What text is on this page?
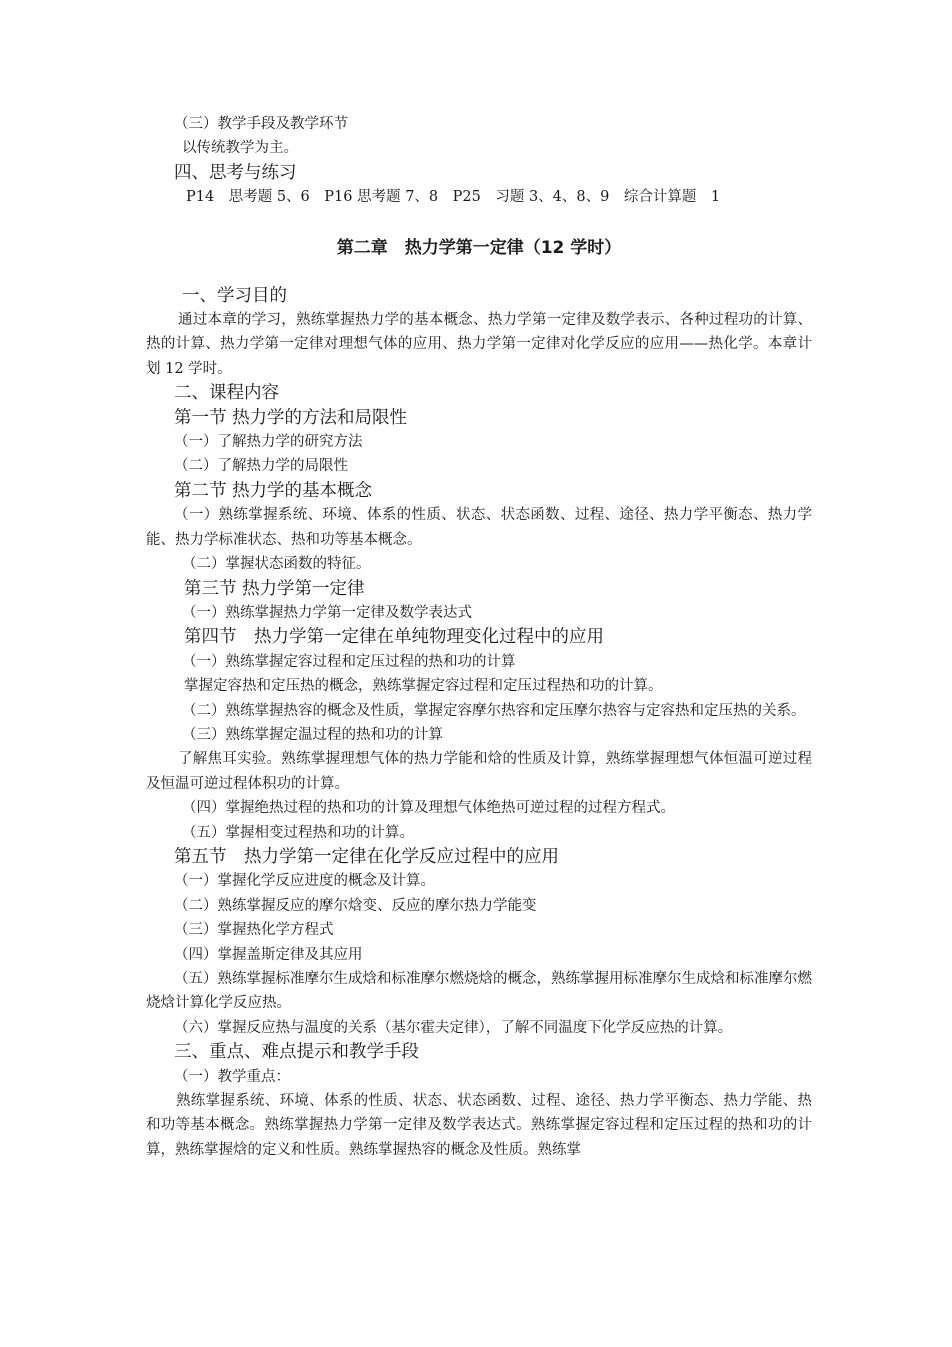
（三）教学手段及教学环节
以传统教学为主。
四、思考与练习
P14　思考题 5、6　P16 思考题 7、8　P25　习题 3、4、8、9　综合计算题　1
第二章　热力学第一定律（12 学时）
一、学习目的
通过本章的学习，熟练掌握热力学的基本概念、热力学第一定律及数学表示、各种过程功的计算、热的计算、热力学第一定律对理想气体的应用、热力学第一定律对化学反应的应用——热化学。本章计划 12 学时。
二、课程内容
第一节 热力学的方法和局限性
（一）了解热力学的研究方法
（二）了解热力学的局限性
第二节 热力学的基本概念
（一）熟练掌握系统、环境、体系的性质、状态、状态函数、过程、途径、热力学平衡态、热力学能、热力学标准状态、热和功等基本概念。
（二）掌握状态函数的特征。
第三节 热力学第一定律
（一）熟练掌握热力学第一定律及数学表达式
第四节　热力学第一定律在单纯物理变化过程中的应用
（一）熟练掌握定容过程和定压过程的热和功的计算
掌握定容热和定压热的概念，熟练掌握定容过程和定压过程热和功的计算。
（二）熟练掌握热容的概念及性质，掌握定容摩尔热容和定压摩尔热容与定容热和定压热的关系。
（三）熟练掌握定温过程的热和功的计算
了解焦耳实验。熟练掌握理想气体的热力学能和焓的性质及计算，熟练掌握理想气体恒温可逆过程及恒温可逆过程体积功的计算。
（四）掌握绝热过程的热和功的计算及理想气体绝热可逆过程的过程方程式。
（五）掌握相变过程热和功的计算。
第五节　热力学第一定律在化学反应过程中的应用
（一）掌握化学反应进度的概念及计算。
（二）熟练掌握反应的摩尔焓变、反应的摩尔热力学能变
（三）掌握热化学方程式
（四）掌握盖斯定律及其应用
（五）熟练掌握标准摩尔生成焓和标准摩尔燃烧焓的概念，熟练掌握用标准摩尔生成焓和标准摩尔燃烧焓计算化学反应热。
（六）掌握反应热与温度的关系（基尔霍夫定律），了解不同温度下化学反应热的计算。
三、重点、难点提示和教学手段
（一）教学重点：
熟练掌握系统、环境、体系的性质、状态、状态函数、过程、途径、热力学平衡态、热力学能、热和功等基本概念。熟练掌握热力学第一定律及数学表达式。熟练掌握定容过程和定压过程的热和功的计算，熟练掌握焓的定义和性质。熟练掌握热容的概念及性质。熟练掌
